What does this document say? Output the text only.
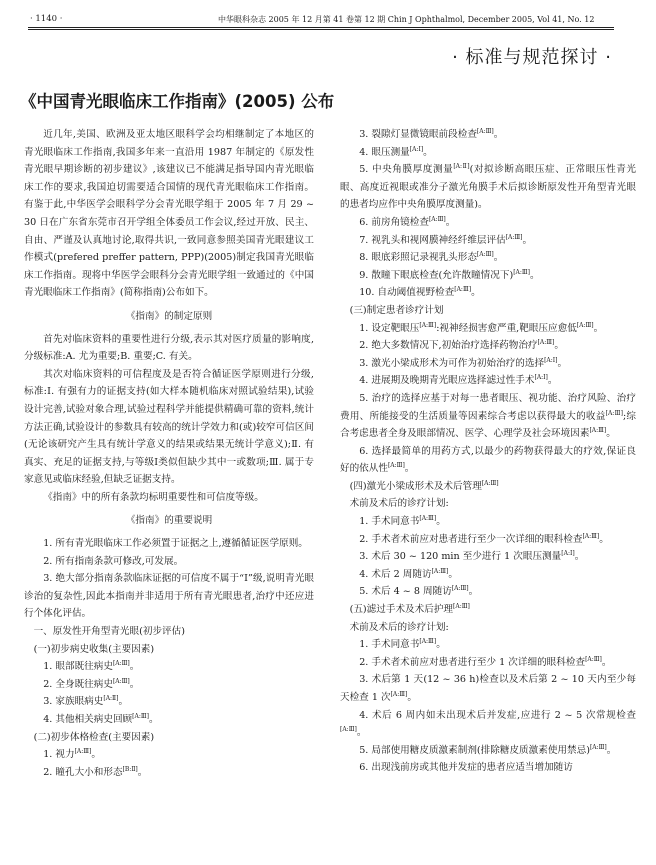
· 1140 ·	中华眼科杂志 2005 年 12 月第 41 卷第 12 期 Chin J Ophthalmol, December 2005, Vol 41, No. 12
· 标准与规范探讨 ·
《中国青光眼临床工作指南》(2005) 公布

近几年,美国、欧洲及亚太地区眼科学会均相继制定了本地区的青光眼临床工作指南,我国多年来一直沿用 1987 年制定的《原发性青光眼早期诊断的初步建议》,该建议已不能满足指导国内青光眼临床工作的要求,我国迫切需要适合国情的现代青光眼临床工作指南。有鉴于此,中华医学会眼科学分会青光眼学组于 2005 年 7 月 29 ~ 30 日在广东省东莞市召开学组全体委员工作会议,经过开放、民主、自由、严谨及认真地讨论,取得共识,一致同意参照美国青光眼建议工作模式(prefered preffer pattern, PPP)(2005)制定我国青光眼临床工作指南。现将中华医学会眼科分会青光眼学组一致通过的《中国青光眼临床工作指南》(简称指南)公布如下。

《指南》的制定原则

首先对临床资料的重要性进行分级,表示其对医疗质量的影响度,分级标准:A. 尤为重要;B. 重要;C. 有关。

其次对临床资料的可信程度及是否符合循证医学原则进行分级,标准:Ⅰ. 有强有力的证据支持(如大样本随机临床对照试验结果),试验设计完善,试验对象合理,试验过程科学并能提供精确可靠的资料,统计方法正确,试验设计的参数具有较高的统计学效力和(或)较窄可信区间(无论该研究产生具有统计学意义的结果或结果无统计学意义);Ⅱ. 有真实、充足的证据支持,与等级Ⅰ类似但缺少其中一或数项;Ⅲ. 属于专家意见或临床经验,但缺乏证据支持。

《指南》中的所有条款均标明重要性和可信度等级。

《指南》的重要说明

1. 所有青光眼临床工作必须置于证据之上,遵循循证医学原则。

2. 所有指南条款可修改,可发展。

3. 绝大部分指南条款临床证据的可信度不属于“Ⅰ”级,说明青光眼诊治的复杂性,因此本指南并非适用于所有青光眼患者,治疗中还应进行个体化评估。

一、原发性开角型青光眼(初步评估)

(一)初步病史收集(主要因素)

1. 眼部既往病史[A:Ⅲ]。

2. 全身既往病史[A:Ⅲ]。

3. 家族眼病史[A:Ⅱ]。

4. 其他相关病史回顾[A:Ⅲ]。

(二)初步体格检查(主要因素)

1. 视力[A:Ⅲ]。

2. 瞳孔大小和形态[B:Ⅱ]。

3. 裂隙灯显微镜眼前段检查[A:Ⅲ]。

4. 眼压测量[A:Ⅰ]。

5. 中央角膜厚度测量[A:Ⅱ](对拟诊断高眼压症、正常眼压性青光眼、高度近视眼或准分子激光角膜手术后拟诊断原发性开角型青光眼的患者均应作中央角膜厚度测量)。

6. 前房角镜检查[A:Ⅲ]。

7. 视乳头和视网膜神经纤维层评估[A:Ⅲ]。

8. 眼底彩照记录视乳头形态[A:Ⅲ]。

9. 散瞳下眼底检查(允许散瞳情况下)[A:Ⅲ]。

10. 自动阈值视野检查[A:Ⅲ]。

(三)制定患者诊疗计划

1. 设定靶眼压[A:Ⅲ]:视神经损害愈严重,靶眼压应愈低[A:Ⅲ]。

2. 绝大多数情况下,初始治疗选择药物治疗[A:Ⅲ]。

3. 激光小梁成形术为可作为初始治疗的选择[A:Ⅰ]。

4. 进展期及晚期青光眼应选择滤过性手术[A:Ⅰ]。

5. 治疗的选择应基于对每一患者眼压、视功能、治疗风险、治疗费用、所能接受的生活质量等因素综合考虑以获得最大的收益[A:Ⅲ];综合考虑患者全身及眼部情况、医学、心理学及社会环境因素[A:Ⅲ]。

6. 选择最简单的用药方式,以最少的药物获得最大的疗效,保证良好的依从性[A:Ⅲ]。

(四)激光小梁成形术及术后管理[A:Ⅲ]

术前及术后的诊疗计划:

1. 手术同意书[A:Ⅲ]。

2. 手术者术前应对患者进行至少一次详细的眼科检查[A:Ⅲ]。

3. 术后 30 ~ 120 min 至少进行 1 次眼压测量[A:Ⅰ]。

4. 术后 2 周随访[A:Ⅲ]。

5. 术后 4 ~ 8 周随访[A:Ⅲ]。

(五)滤过手术及术后护理[A:Ⅲ]

术前及术后的诊疗计划:

1. 手术同意书[A:Ⅲ]。

2. 手术者术前应对患者进行至少 1 次详细的眼科检查[A:Ⅲ]。

3. 术后第 1 天(12 ~ 36 h)检查以及术后第 2 ~ 10 天内至少每天检查 1 次[A:Ⅲ]。

4. 术后 6 周内如未出现术后并发症,应进行 2 ~ 5 次常规检查[A:Ⅲ]。

5. 局部使用糖皮质激素制剂(排除糖皮质激素使用禁忌)[A:Ⅲ]。

6. 出现浅前房或其他并发症的患者应适当增加随访
